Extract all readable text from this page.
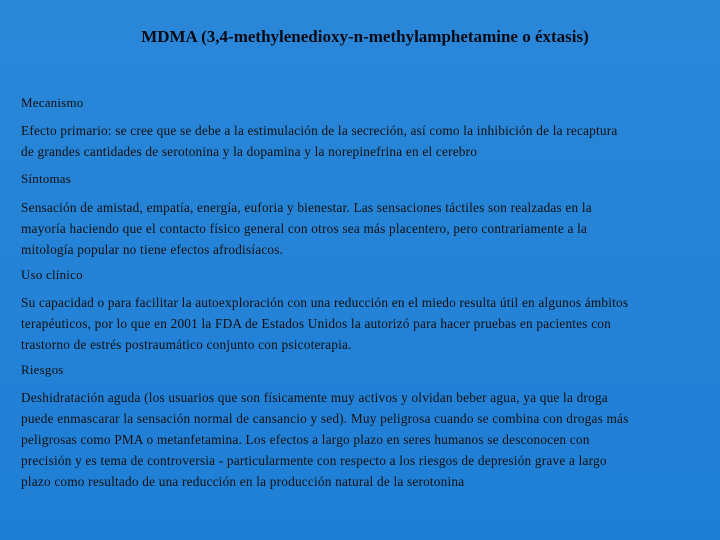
MDMA (3,4-methylenedioxy-n-methylamphetamine o éxtasis)
Mecanismo
Efecto primario: se cree que se debe a la estimulación de la secreción, así como la inhibición de la recaptura
de grandes cantidades de serotonina y la dopamina y la norepinefrina en el cerebro
Síntomas
Sensación de amistad, empatía, energía, euforia y bienestar. Las sensaciones táctiles son realzadas en la
mayoría haciendo que el contacto físico general con otros sea más placentero, pero contrariamente a la
mitología popular no tiene efectos afrodisíacos.
Uso clínico
Su capacidad o para facilitar la autoexploración con una reducción en el miedo resulta útil en algunos ámbitos
terapéuticos, por lo que en 2001 la FDA de Estados Unidos la autorizó para hacer pruebas en pacientes con
trastorno de estrés postraumático conjunto con psicoterapia.
Riesgos
Deshidratación aguda (los usuarios que son físicamente muy activos y olvidan beber agua, ya que la droga
puede enmascarar la sensación normal de cansancio y sed). Muy peligrosa cuando se combina con drogas más
peligrosas como PMA o metanfetamina. Los efectos a largo plazo en seres humanos se desconocen con
precisión y es tema de controversia - particularmente con respecto a los riesgos de depresión grave a largo
plazo como resultado de una reducción en la producción natural de la serotonina
